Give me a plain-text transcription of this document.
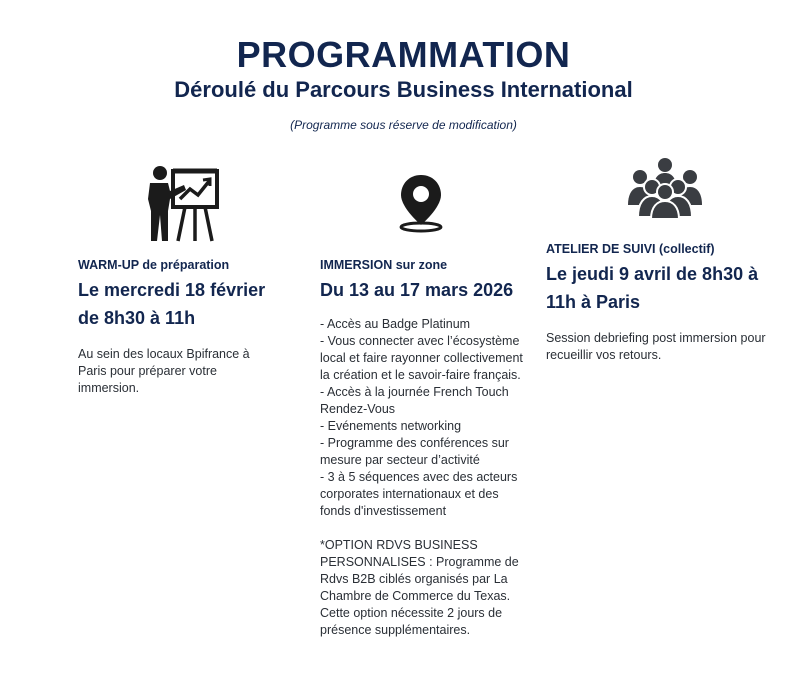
PROGRAMMATION
Déroulé du Parcours Business International
(Programme sous réserve de modification)
WARM-UP de préparation
Le mercredi 18 février de 8h30 à 11h
Au sein des locaux Bpifrance à Paris pour préparer votre immersion.
IMMERSION sur zone
Du 13 au 17 mars 2026
- Accès au Badge Platinum
- Vous connecter avec l’écosystème local et faire rayonner collectivement la création et le savoir-faire français.
- Accès à la journée French Touch Rendez-Vous
- Evénements networking
- Programme des conférences sur mesure par secteur d’activité
- 3 à 5 séquences avec des acteurs corporates internationaux et des fonds d'investissement

*OPTION RDVS BUSINESS PERSONNALISES : Programme de Rdvs B2B ciblés organisés par La Chambre de Commerce du Texas. Cette option nécessite 2 jours de présence supplémentaires.
ATELIER DE SUIVI (collectif)
Le jeudi 9 avril de 8h30 à 11h à Paris
Session debriefing post immersion pour recueillir vos retours.
